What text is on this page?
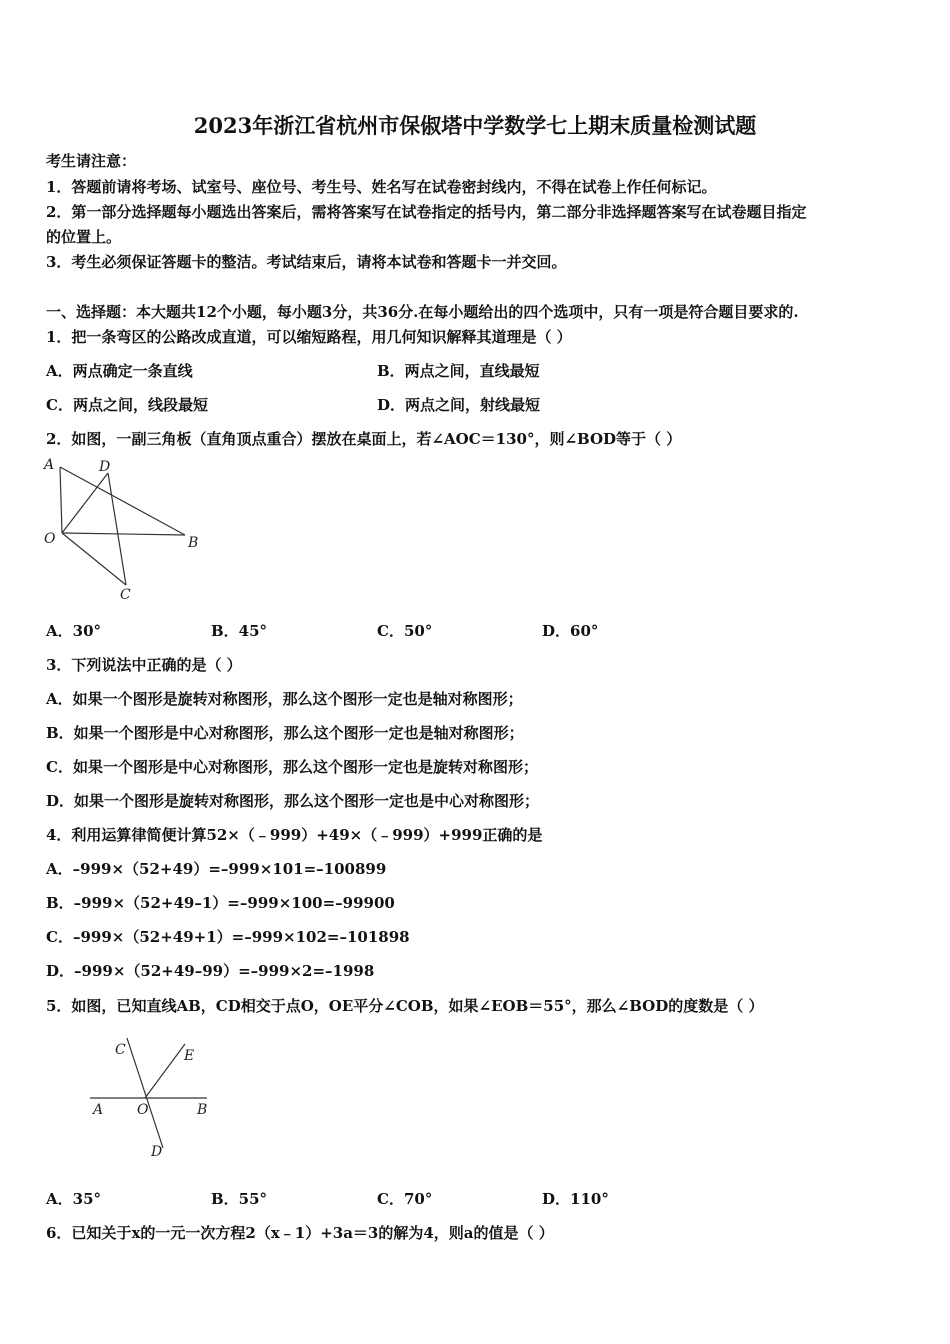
2023年浙江省杭州市保俶塔中学数学七上期末质量检测试题
考生请注意：
1．答题前请将考场、试室号、座位号、考生号、姓名写在试卷密封线内，不得在试卷上作任何标记。
2．第一部分选择题每小题选出答案后，需将答案写在试卷指定的括号内，第二部分非选择题答案写在试卷题目指定
的位置上。
3．考生必须保证答题卡的整洁。考试结束后，请将本试卷和答题卡一并交回。
一、选择题：本大题共12个小题，每小题3分，共36分.在每小题给出的四个选项中，只有一项是符合题目要求的.
1．把一条弯区的公路改成直道，可以缩短路程，用几何知识解释其道理是（ ）
A．两点确定一条直线	B．两点之间，直线最短
C．两点之间，线段最短	D．两点之间，射线最短
2．如图，一副三角板（直角顶点重合）摆放在桌面上，若∠AOC＝130°，则∠BOD等于（ ）
A	D
O	B
C
A．30°	B．45°	C．50°	D．60°
3．下列说法中正确的是（ ）
A．如果一个图形是旋转对称图形，那么这个图形一定也是轴对称图形；
B．如果一个图形是中心对称图形，那么这个图形一定也是轴对称图形；
C．如果一个图形是中心对称图形，那么这个图形一定也是旋转对称图形；
D．如果一个图形是旋转对称图形，那么这个图形一定也是中心对称图形；
4．利用运算律简便计算52×（﹣999）+49×（﹣999）+999正确的是
A．–999×（52+49）=–999×101=–100899
B．–999×（52+49–1）=–999×100=–99900
C．–999×（52+49+1）=–999×102=–101898
D．–999×（52+49–99）=–999×2=–1998
5．如图，已知直线AB，CD相交于点O，OE平分∠COB，如果∠EOB＝55°，那么∠BOD的度数是（ ）
C	E
A O	B
D
A．35°	B．55°	C．70°	D．110°
6．已知关于x的一元一次方程2（x﹣1）+3a＝3的解为4，则a的值是（ ）
